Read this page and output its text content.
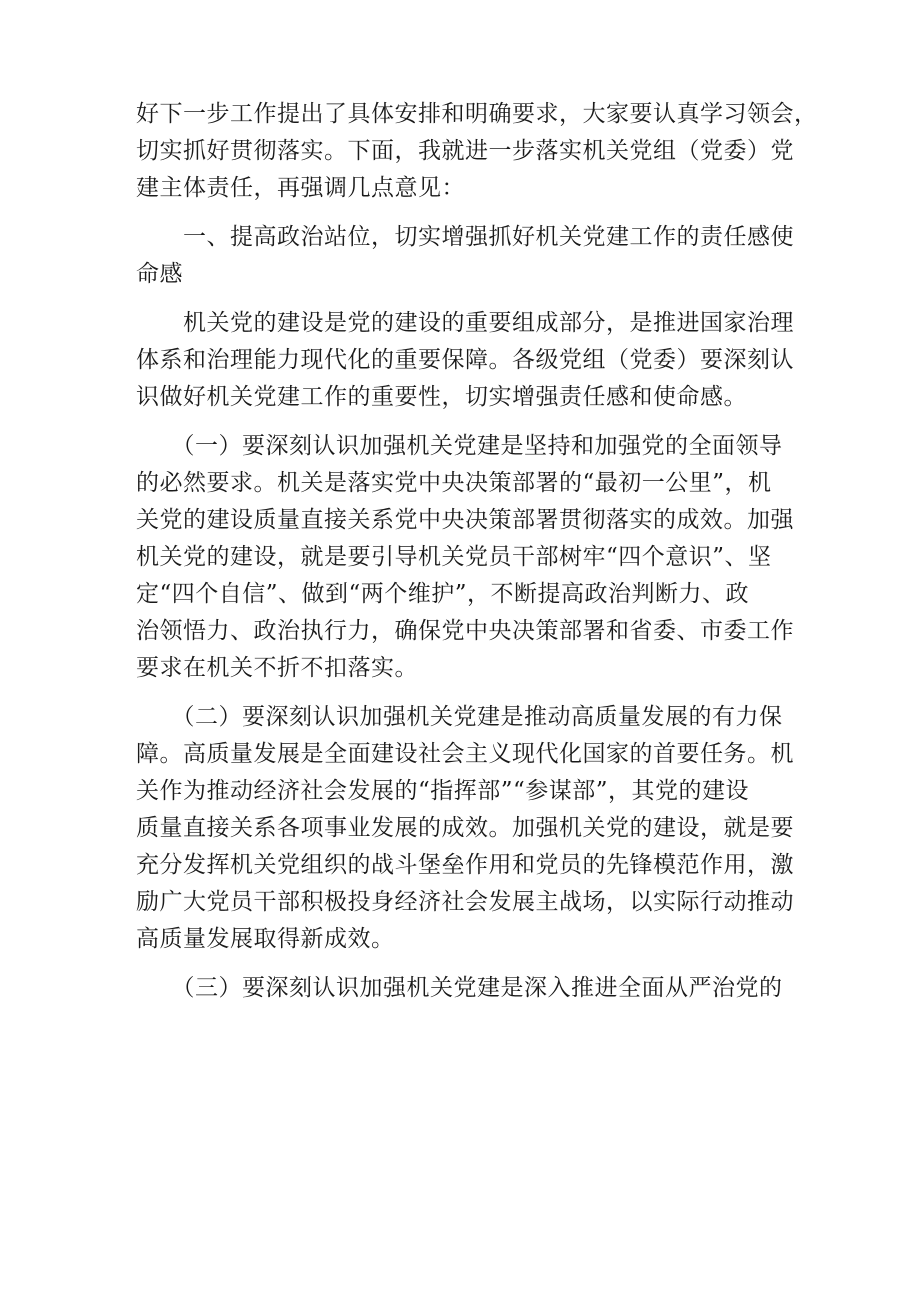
好下一步工作提出了具体安排和明确要求，大家要认真学习领会，
切实抓好贯彻落实。下面，我就进一步落实机关党组（党委）党
建主体责任，再强调几点意见：

　　一、提高政治站位，切实增强抓好机关党建工作的责任感使
命感

　　机关党的建设是党的建设的重要组成部分，是推进国家治理
体系和治理能力现代化的重要保障。各级党组（党委）要深刻认
识做好机关党建工作的重要性，切实增强责任感和使命感。

　　（一）要深刻认识加强机关党建是坚持和加强党的全面领导
的必然要求。机关是落实党中央决策部署的“最初一公里”，机
关党的建设质量直接关系党中央决策部署贯彻落实的成效。加强
机关党的建设，就是要引导机关党员干部树牢“四个意识”、坚
定“四个自信”、做到“两个维护”，不断提高政治判断力、政
治领悟力、政治执行力，确保党中央决策部署和省委、市委工作
要求在机关不折不扣落实。

　　（二）要深刻认识加强机关党建是推动高质量发展的有力保
障。高质量发展是全面建设社会主义现代化国家的首要任务。机
关作为推动经济社会发展的“指挥部”“参谋部”，其党的建设
质量直接关系各项事业发展的成效。加强机关党的建设，就是要
充分发挥机关党组织的战斗堡垒作用和党员的先锋模范作用，激
励广大党员干部积极投身经济社会发展主战场，以实际行动推动
高质量发展取得新成效。

　　（三）要深刻认识加强机关党建是深入推进全面从严治党的
